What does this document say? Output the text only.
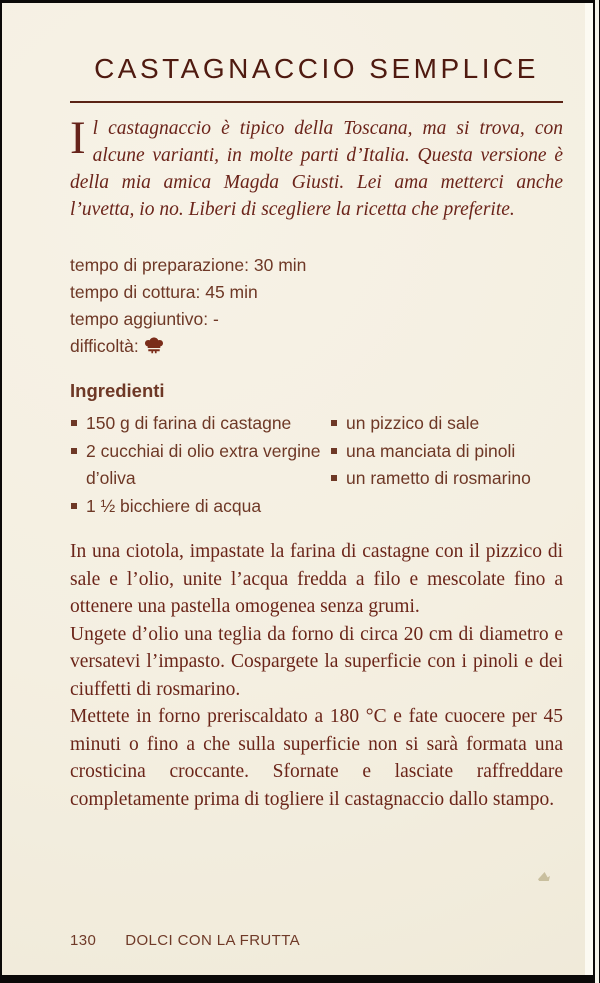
CASTAGNACCIO SEMPLICE
Il castagnaccio è tipico della Toscana, ma si trova, con alcune varianti, in molte parti d’Italia. Questa versione è della mia amica Magda Giusti. Lei ama metterci anche l’uvetta, io no. Liberi di scegliere la ricetta che preferite.
tempo di preparazione: 30 min
tempo di cottura: 45 min
tempo aggiuntivo: -
difficoltà:
Ingredienti
150 g di farina di castagne
2 cucchiai di olio extra vergine d’oliva
1 ½ bicchiere di acqua
un pizzico di sale
una manciata di pinoli
un rametto di rosmarino

In una ciotola, impastate la farina di castagne con il pizzico di sale e l’olio, unite l’acqua fredda a filo e mescolate fino a ottenere una pastella omogenea senza grumi.

Ungete d’olio una teglia da forno di circa 20 cm di diametro e versatevi l’impasto. Cospargete la superficie con i pinoli e dei ciuffetti di rosmarino.

Mettete in forno preriscaldato a 180 °C e fate cuocere per 45 minuti o fino a che sulla superficie non si sarà formata una crosticina croccante. Sfornate e lasciate raffreddare completamente prima di togliere il castagnaccio dallo stampo.

130 DOLCI CON LA FRUTTA
